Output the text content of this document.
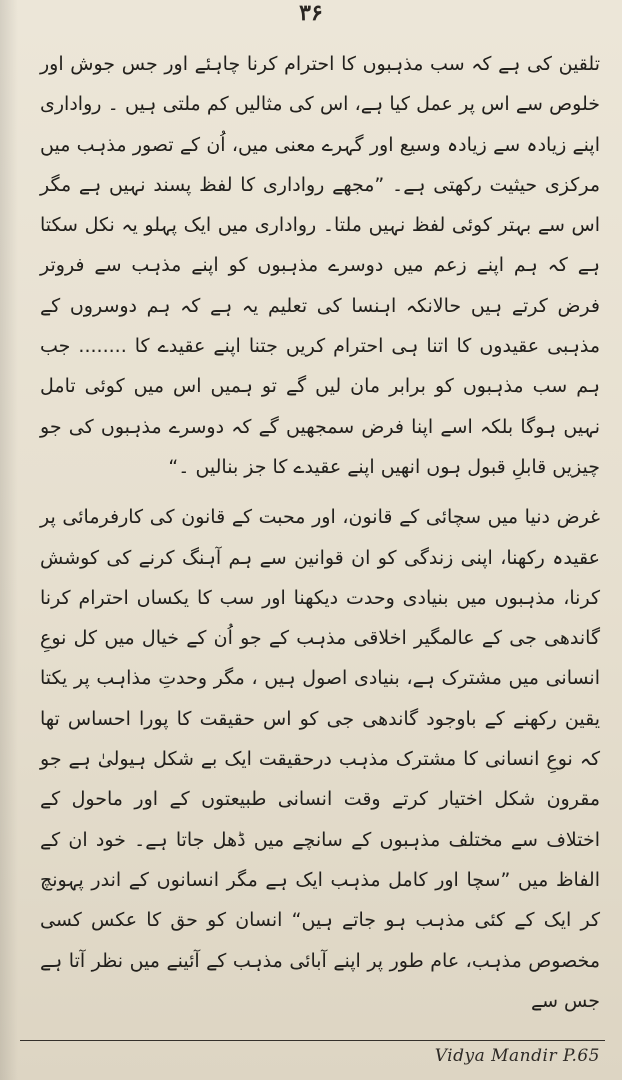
۳۶

تلقین کی ہے کہ سب مذہبوں کا احترام کرنا چاہئے اور جس جوش اور خلوص سے اس پر عمل کیا ہے، اس کی مثالیں کم ملتی ہیں ۔ رواداری اپنے زیادہ سے زیادہ وسیع اور گہرے معنی میں، اُن کے تصور مذہب میں مرکزی حیثیت رکھتی ہے۔ ”مجھے رواداری کا لفظ پسند نہیں ہے مگر اس سے بہتر کوئی لفظ نہیں ملتا۔ رواداری میں ایک پہلو یہ نکل سکتا ہے کہ ہم اپنے زعم میں دوسرے مذہبوں کو اپنے مذہب سے فروتر فرض کرتے ہیں حالانکہ اہنسا کی تعلیم یہ ہے کہ ہم دوسروں کے مذہبی عقیدوں کا اتنا ہی احترام کریں جتنا اپنے عقیدے کا ........ جب ہم سب مذہبوں کو برابر مان لیں گے تو ہمیں اس میں کوئی تامل نہیں ہوگا بلکہ اسے اپنا فرض سمجھیں گے کہ دوسرے مذہبوں کی جو چیزیں قابلِ قبول ہوں انھیں اپنے عقیدے کا جز بنالیں ۔“

غرض دنیا میں سچائی کے قانون، اور محبت کے قانون کی کارفرمائی پر عقیدہ رکھنا، اپنی زندگی کو ان قوانین سے ہم آہنگ کرنے کی کوشش کرنا، مذہبوں میں بنیادی وحدت دیکھنا اور سب کا یکساں احترام کرنا گاندھی جی کے عالمگیر اخلاقی مذہب کے جو اُن کے خیال میں کل نوعِ انسانی میں مشترک ہے، بنیادی اصول ہیں ، مگر وحدتِ مذاہب پر یکتا یقین رکھنے کے باوجود گاندھی جی کو اس حقیقت کا پورا احساس تھا کہ نوعِ انسانی کا مشترک مذہب درحقیقت ایک بے شکل ہیولیٰ ہے جو مقرون شکل اختیار کرتے وقت انسانی طبیعتوں کے اور ماحول کے اختلاف سے مختلف مذہبوں کے سانچے میں ڈھل جاتا ہے۔ خود ان کے الفاظ میں ”سچا اور کامل مذہب ایک ہے مگر انسانوں کے اندر پہونچ کر ایک کے کئی مذہب ہو جاتے ہیں“ انسان کو حق کا عکس کسی مخصوص مذہب، عام طور پر اپنے آبائی مذہب کے آئینے میں نظر آتا ہے جس سے

Vidya Mandir P.65
